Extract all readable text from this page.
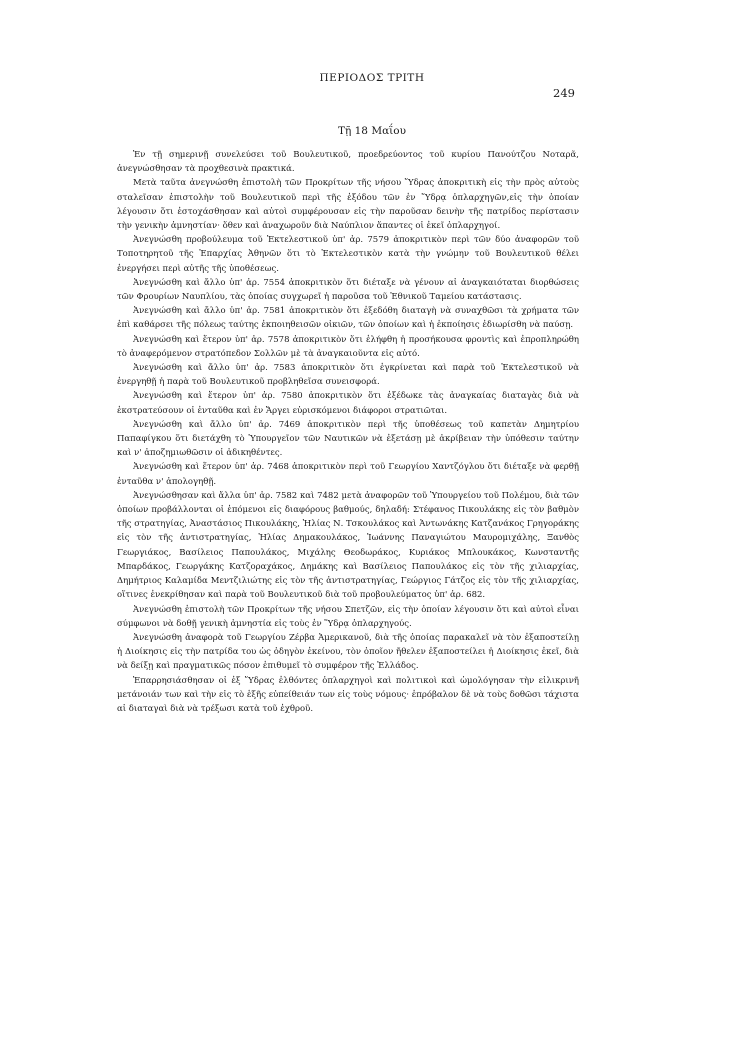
ΠΕΡΙΟΔΟΣ ΤΡΙΤΗ
249
Τῇ 18 Μαΐου

Ἐν τῇ σημερινῇ συνελεύσει τοῦ Βουλευτικοῦ, προεδρεύοντος τοῦ κυρίου Πανούτζου Νοταρᾶ, ἀνεγνώσθησαν τὰ προχθεσινὰ πρακτικά.

Μετὰ ταῦτα ἀνεγνώσθη ἐπιστολὴ τῶν Προκρίτων τῆς νήσου Ὕδρας ἀποκριτικὴ εἰς τὴν πρὸς αὐτοὺς σταλεῖσαν ἐπιστολὴν τοῦ Βουλευτικοῦ περὶ τῆς ἐξόδου τῶν ἐν Ὕδρᾳ ὁπλαρχηγῶν,εἰς τὴν ὁποίαν λέγουσιν ὅτι ἐστοχάσθησαν καὶ αὐτοὶ συμφέρουσαν εἰς τὴν παροῦσαν δεινὴν τῆς πατρίδος περίστασιν τὴν γενικὴν ἀμνηστίαν· ὅθεν καὶ ἀναχωροῦν διὰ Ναύπλιον ἅπαντες οἱ ἐκεῖ ὁπλαρχηγοί.

Ἀνεγνώσθη προβούλευμα τοῦ Ἐκτελεστικοῦ ὑπ' ἀρ. 7579 ἀποκριτικὸν περὶ τῶν δύο ἀναφορῶν τοῦ Τοποτηρητοῦ τῆς Ἐπαρχίας Ἀθηνῶν ὅτι τὸ Ἐκτελεστικὸν κατὰ τὴν γνώμην τοῦ Βουλευτικοῦ θέλει ἐνεργήσει περὶ αὐτῆς τῆς ὑποθέσεως.

Ἀνεγνώσθη καὶ ἄλλο ὑπ' ἀρ. 7554 ἀποκριτικὸν ὅτι διέταξε νὰ γένουν αἱ ἀναγκαιόταται διορθώσεις τῶν Φρουρίων Ναυπλίου, τὰς ὁποίας συγχωρεῖ ἡ παροῦσα τοῦ Ἐθνικοῦ Ταμείου κατάστασις.

Ἀνεγνώσθη καὶ ἄλλο ὑπ' ἀρ. 7581 ἀποκριτικὸν ὅτι ἐξεδόθη διαταγὴ νὰ συναχθῶσι τὰ χρήματα τῶν ἐπὶ καθάρσει τῆς πόλεως ταύτης ἐκποιηθεισῶν οἰκιῶν, τῶν ὁποίων καὶ ἡ ἐκποίησις ἐδιωρίσθη νὰ παύσῃ.

Ἀνεγνώσθη καὶ ἕτερον ὑπ' ἀρ. 7578 ἀποκριτικὸν ὅτι ἐλήφθη ἡ προσήκουσα φροντὶς καὶ ἐπροπληρώθη τὸ ἀναφερόμενον στρατόπεδον Σολλῶν μὲ τὰ ἀναγκαιοῦντα εἰς αὐτό.

Ἀνεγνώσθη καὶ ἄλλο ὑπ' ἀρ. 7583 ἀποκριτικὸν ὅτι ἐγκρίνεται καὶ παρὰ τοῦ Ἐκτελεστικοῦ νὰ ἐνεργηθῇ ἡ παρὰ τοῦ Βουλευτικοῦ προβληθεῖσα συνεισφορά.

Ἀνεγνώσθη καὶ ἕτερον ὑπ' ἀρ. 7580 ἀποκριτικὸν ὅτι ἐξέδωκε τὰς ἀναγκαίας διαταγὰς διὰ νὰ ἐκστρατεύσουν οἱ ἐνταῦθα καὶ ἐν Ἄργει εὑρισκόμενοι διάφοροι στρατιῶται.

Ἀνεγνώσθη καὶ ἄλλο ὑπ' ἀρ. 7469 ἀποκριτικὸν περὶ τῆς ὑποθέσεως τοῦ καπετὰν Δημητρίου Παπαφίγκου ὅτι διετάχθη τὸ Ὑπουργεῖον τῶν Ναυτικῶν νὰ ἐξετάσῃ μὲ ἀκρίβειαν τὴν ὑπόθεσιν ταύτην καὶ ν' ἀποζημιωθῶσιν οἱ ἀδικηθέντες.

Ἀνεγνώσθη καὶ ἕτερον ὑπ' ἀρ. 7468 ἀποκριτικὸν περὶ τοῦ Γεωργίου Χαντζόγλου ὅτι διέταξε νὰ φερθῇ ἐνταῦθα ν' ἀπολογηθῇ.

Ἀνεγνώσθησαν καὶ ἄλλα ὑπ' ἀρ. 7582 καὶ 7482 μετὰ ἀναφορῶν τοῦ Ὑπουργείου τοῦ Πολέμου, διὰ τῶν ὁποίων προβάλλονται οἱ ἑπόμενοι εἰς διαφόρους βαθμούς, δηλαδή: Στέφανος Πικουλάκης εἰς τὸν βαθμὸν τῆς στρατηγίας, Ἀναστάσιος Πικουλάκης, Ἠλίας Ν. Τσκουλάκος καὶ Ἀντωνάκης Κατζανάκος Γρηγοράκης εἰς τὸν τῆς ἀντιστρατηγίας, Ἠλίας Δημακουλάκος, Ἰωάννης Παναγιώτου Μαυρομιχάλης, Ξανθὸς Γεωργιάκος, Βασίλειος Παπουλάκος, Μιχάλης Θεοδωράκος, Κυριάκος Μπλουκάκος, Κωνσταντῆς Μπαρδάκος, Γεωργάκης Κατζοραχάκος, Δημάκης καὶ Βασίλειος Παπουλάκος εἰς τὸν τῆς χιλιαρχίας, Δημήτριος Καλαμίδα Μεντζιλιώτης εἰς τὸν τῆς ἀντιστρατηγίας, Γεώργιος Γάτζος εἰς τὸν τῆς χιλιαρχίας, οἵτινες ἐνεκρίθησαν καὶ παρὰ τοῦ Βουλευτικοῦ διὰ τοῦ προβουλεύματος ὑπ' ἀρ. 682.

Ἀνεγνώσθη ἐπιστολὴ τῶν Προκρίτων τῆς νήσου Σπετζῶν, εἰς τὴν ὁποίαν λέγουσιν ὅτι καὶ αὐτοὶ εἶναι σύμφωνοι νὰ δοθῇ γενικὴ ἀμνηστία εἰς τοὺς ἐν Ὕδρᾳ ὁπλαρχηγούς.

Ἀνεγνώσθη ἀναφορὰ τοῦ Γεωργίου Ζέρβα Ἀμερικανοῦ, διὰ τῆς ὁποίας παρακαλεῖ νὰ τὸν ἐξαποστείλῃ ἡ Διοίκησις εἰς τὴν πατρίδα του ὡς ὁδηγὸν ἐκείνου, τὸν ὁποῖον ἤθελεν ἐξαποστείλει ἡ Διοίκησις ἐκεῖ, διὰ νὰ δείξῃ καὶ πραγματικῶς πόσον ἐπιθυμεῖ τὸ συμφέρον τῆς Ἑλλάδος.

Ἐπαρρησιάσθησαν οἱ ἐξ Ὕδρας ἐλθόντες ὁπλαρχηγοὶ καὶ πολιτικοὶ καὶ ὡμολόγησαν τὴν εἰλικρινῆ μετάνοιάν των καὶ τὴν εἰς τὸ ἑξῆς εὐπείθειάν των εἰς τοὺς νόμους· ἐπρόβαλον δὲ νὰ τοὺς δοθῶσι τάχιστα αἱ διαταγαὶ διὰ νὰ τρέξωσι κατὰ τοῦ ἐχθροῦ.
